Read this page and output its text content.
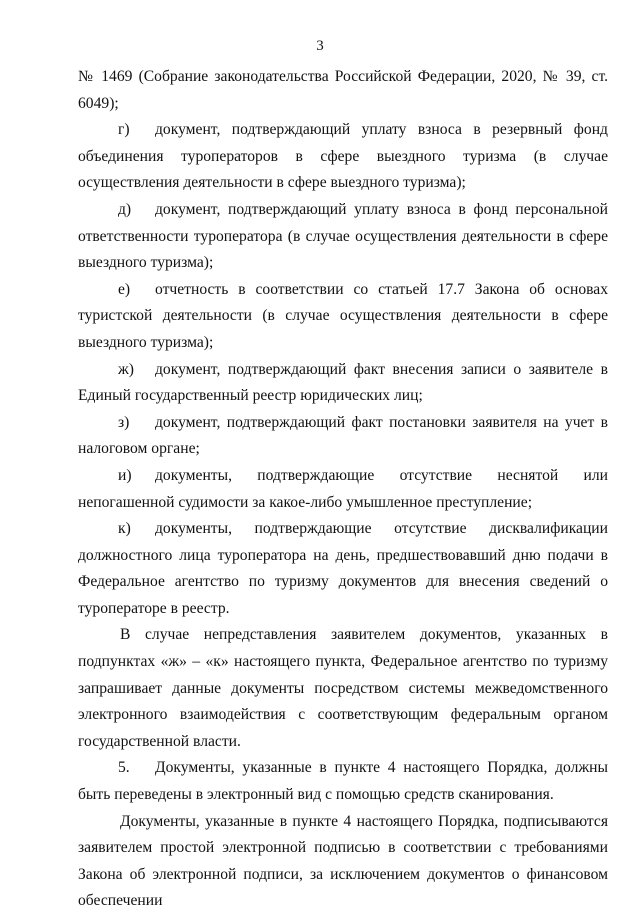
3

№ 1469 (Собрание законодательства Российской Федерации, 2020, № 39, ст. 6049);

г) документ, подтверждающий уплату взноса в резервный фонд объединения туроператоров в сфере выездного туризма (в случае осуществления деятельности в сфере выездного туризма);

д) документ, подтверждающий уплату взноса в фонд персональной ответственности туроператора (в случае осуществления деятельности в сфере выездного туризма);

е) отчетность в соответствии со статьей 17.7 Закона об основах туристской деятельности (в случае осуществления деятельности в сфере выездного туризма);

ж) документ, подтверждающий факт внесения записи о заявителе в Единый государственный реестр юридических лиц;

з) документ, подтверждающий факт постановки заявителя на учет в налоговом органе;

и) документы, подтверждающие отсутствие неснятой или непогашенной судимости за какое-либо умышленное преступление;

к) документы, подтверждающие отсутствие дисквалификации должностного лица туроператора на день, предшествовавший дню подачи в Федеральное агентство по туризму документов для внесения сведений о туроператоре в реестр.

В случае непредставления заявителем документов, указанных в подпунктах «ж» – «к» настоящего пункта, Федеральное агентство по туризму запрашивает данные документы посредством системы межведомственного электронного взаимодействия с соответствующим федеральным органом государственной власти.

5. Документы, указанные в пункте 4 настоящего Порядка, должны быть переведены в электронный вид с помощью средств сканирования.

Документы, указанные в пункте 4 настоящего Порядка, подписываются заявителем простой электронной подписью в соответствии с требованиями Закона об электронной подписи, за исключением документов о финансовом обеспечении
